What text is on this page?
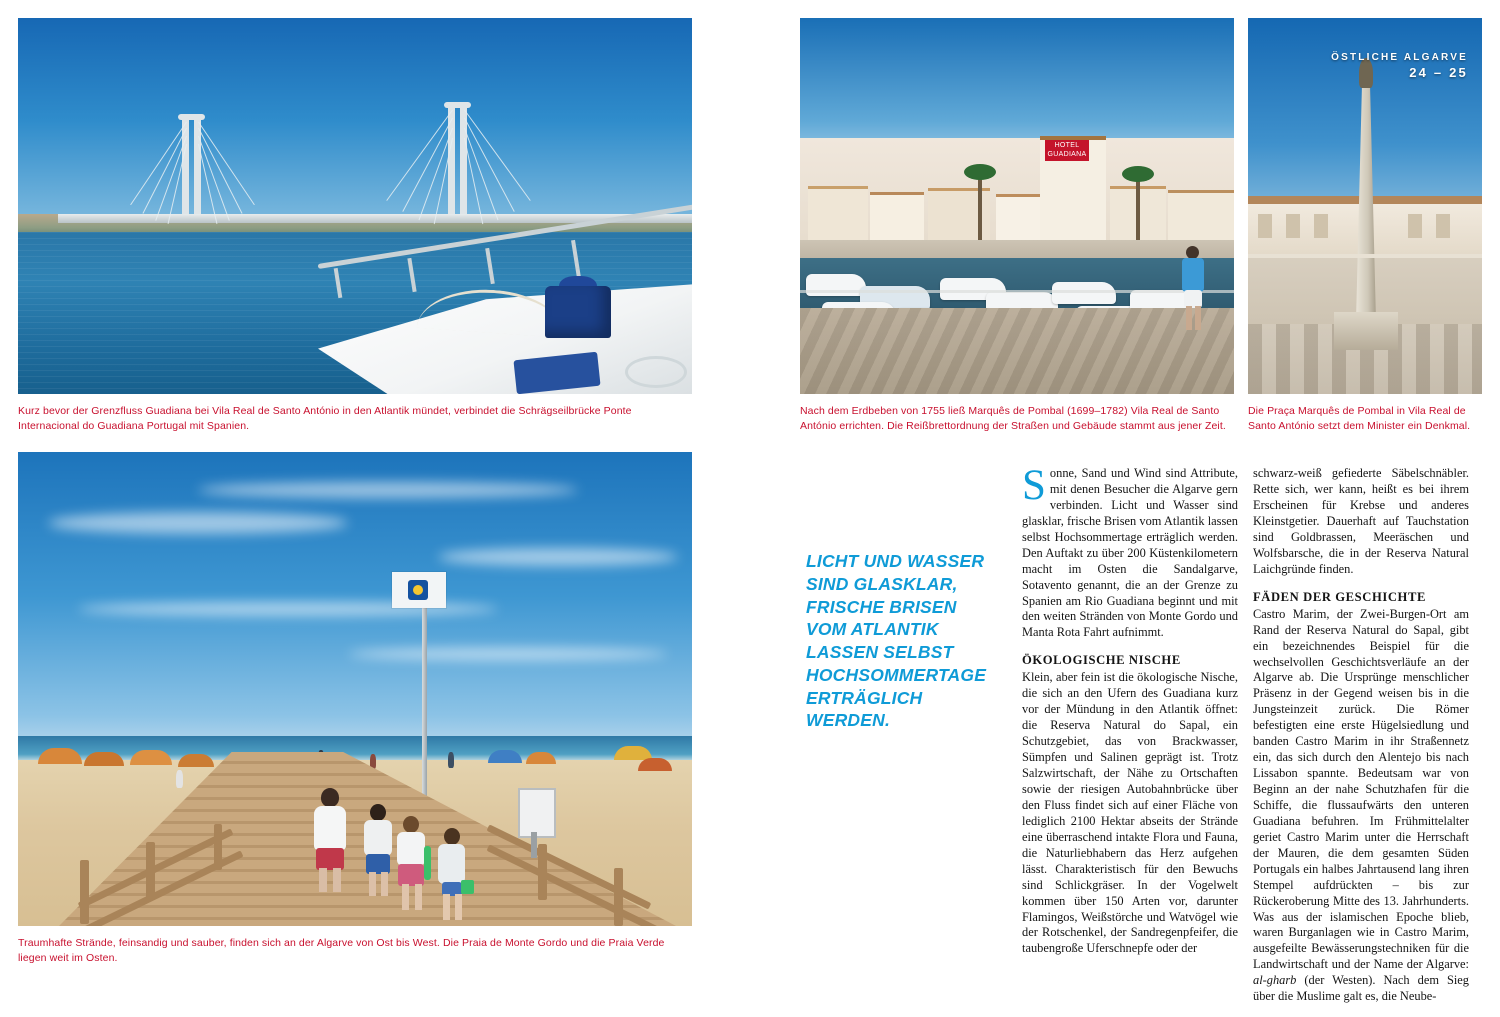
Kurz bevor der Grenzfluss Guadiana bei Vila Real de Santo António in den Atlantik mündet, verbindet die Schrägseilbrücke Ponte Internacional do Guadiana Portugal mit Spanien.
Traumhafte Strände, feinsandig und sauber, finden sich an der Algarve von Ost bis West. Die Praia de Monte Gordo und die Praia Verde liegen weit im Osten.
HOTEL GUADIANA
Nach dem Erdbeben von 1755 ließ Marquês de Pombal (1699–1782) Vila Real de Santo António errichten. Die Reißbrettordnung der Straßen und Gebäude stammt aus jener Zeit.
ÖSTLICHE ALGARVE
24 – 25
Die Praça Marquês de Pombal in Vila Real de Santo António setzt dem Minister ein Denkmal.
LICHT UND WASSER SIND GLASKLAR, FRISCHE BRISEN VOM ATLANTIK LASSEN SELBST HOCHSOMMERTAGE ERTRÄGLICH WERDEN.

Sonne, Sand und Wind sind Attribute, mit denen Besucher die Algarve gern verbinden. Licht und Wasser sind glasklar, frische Brisen vom Atlantik lassen selbst Hochsommertage erträglich werden. Den Auftakt zu über 200 Küstenkilometern macht im Osten die Sandalgarve, Sotavento genannt, die an der Grenze zu Spanien am Rio Guadiana beginnt und mit den weiten Stränden von Monte Gordo und Manta Rota Fahrt aufnimmt.

ÖKOLOGISCHE NISCHE

Klein, aber fein ist die ökologische Nische, die sich an den Ufern des Guadiana kurz vor der Mündung in den Atlantik öffnet: die Reserva Natural do Sapal, ein Schutzgebiet, das von Brackwasser, Sümpfen und Salinen geprägt ist. Trotz Salzwirtschaft, der Nähe zu Ortschaften sowie der riesigen Autobahnbrücke über den Fluss findet sich auf einer Fläche von lediglich 2100 Hektar abseits der Strände eine überraschend intakte Flora und Fauna, die Naturliebhabern das Herz aufgehen lässt. Charakteristisch für den Bewuchs sind Schlickgräser. In der Vogelwelt kommen über 150 Arten vor, darunter Flamingos, Weißstörche und Watvögel wie der Rotschenkel, der Sandregenpfeifer, die taubengroße Uferschnepfe oder der

schwarz-weiß gefiederte Säbelschnäbler. Rette sich, wer kann, heißt es bei ihrem Erscheinen für Krebse und anderes Kleinstgetier. Dauerhaft auf Tauchstation sind Goldbrassen, Meeräschen und Wolfsbarsche, die in der Reserva Natural Laichgründe finden.

FÄDEN DER GESCHICHTE

Castro Marim, der Zwei-Burgen-Ort am Rand der Reserva Natural do Sapal, gibt ein bezeichnendes Beispiel für die wechselvollen Geschichtsverläufe an der Algarve ab. Die Ursprünge menschlicher Präsenz in der Gegend weisen bis in die Jungsteinzeit zurück. Die Römer befestigten eine erste Hügelsiedlung und banden Castro Marim in ihr Straßennetz ein, das sich durch den Alentejo bis nach Lissabon spannte. Bedeutsam war von Beginn an der nahe Schutzhafen für die Schiffe, die flussaufwärts den unteren Guadiana befuhren. Im Frühmittelalter geriet Castro Marim unter die Herrschaft der Mauren, die dem gesamten Süden Portugals ein halbes Jahrtausend lang ihren Stempel aufdrückten – bis zur Rückeroberung Mitte des 13. Jahrhunderts. Was aus der islamischen Epoche blieb, waren Burganlagen wie in Castro Marim, ausgefeilte Bewässerungstechniken für die Landwirtschaft und der Name der Algarve: al-gharb (der Westen). Nach dem Sieg über die Muslime galt es, die Neube-
